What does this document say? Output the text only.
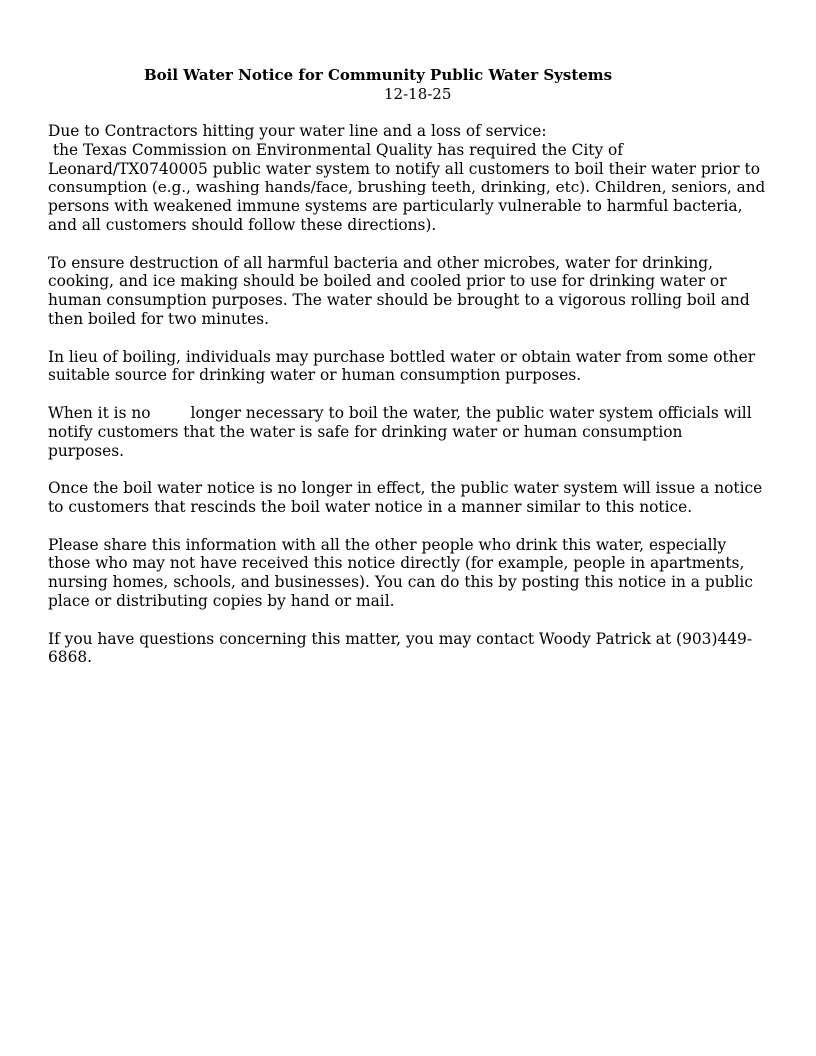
Boil Water Notice for Community Public Water Systems
12-18-25

Due to Contractors hitting your water line and a loss of service:
the Texas Commission on Environmental Quality has required the City of
Leonard/TX0740005 public water system to notify all customers to boil their water prior to
consumption (e.g., washing hands/face, brushing teeth, drinking, etc). Children, seniors, and
persons with weakened immune systems are particularly vulnerable to harmful bacteria,
and all customers should follow these directions).

To ensure destruction of all harmful bacteria and other microbes, water for drinking,
cooking, and ice making should be boiled and cooled prior to use for drinking water or
human consumption purposes. The water should be brought to a vigorous rolling boil and
then boiled for two minutes.

In lieu of boiling, individuals may purchase bottled water or obtain water from some other
suitable source for drinking water or human consumption purposes.

When it is no	longer necessary to boil the water, the public water system officials will
notify customers that the water is safe for drinking water or human consumption
purposes.

Once the boil water notice is no longer in effect, the public water system will issue a notice
to customers that rescinds the boil water notice in a manner similar to this notice.

Please share this information with all the other people who drink this water, especially
those who may not have received this notice directly (for example, people in apartments,
nursing homes, schools, and businesses). You can do this by posting this notice in a public
place or distributing copies by hand or mail.

If you have questions concerning this matter, you may contact Woody Patrick at (903)449-
6868.
